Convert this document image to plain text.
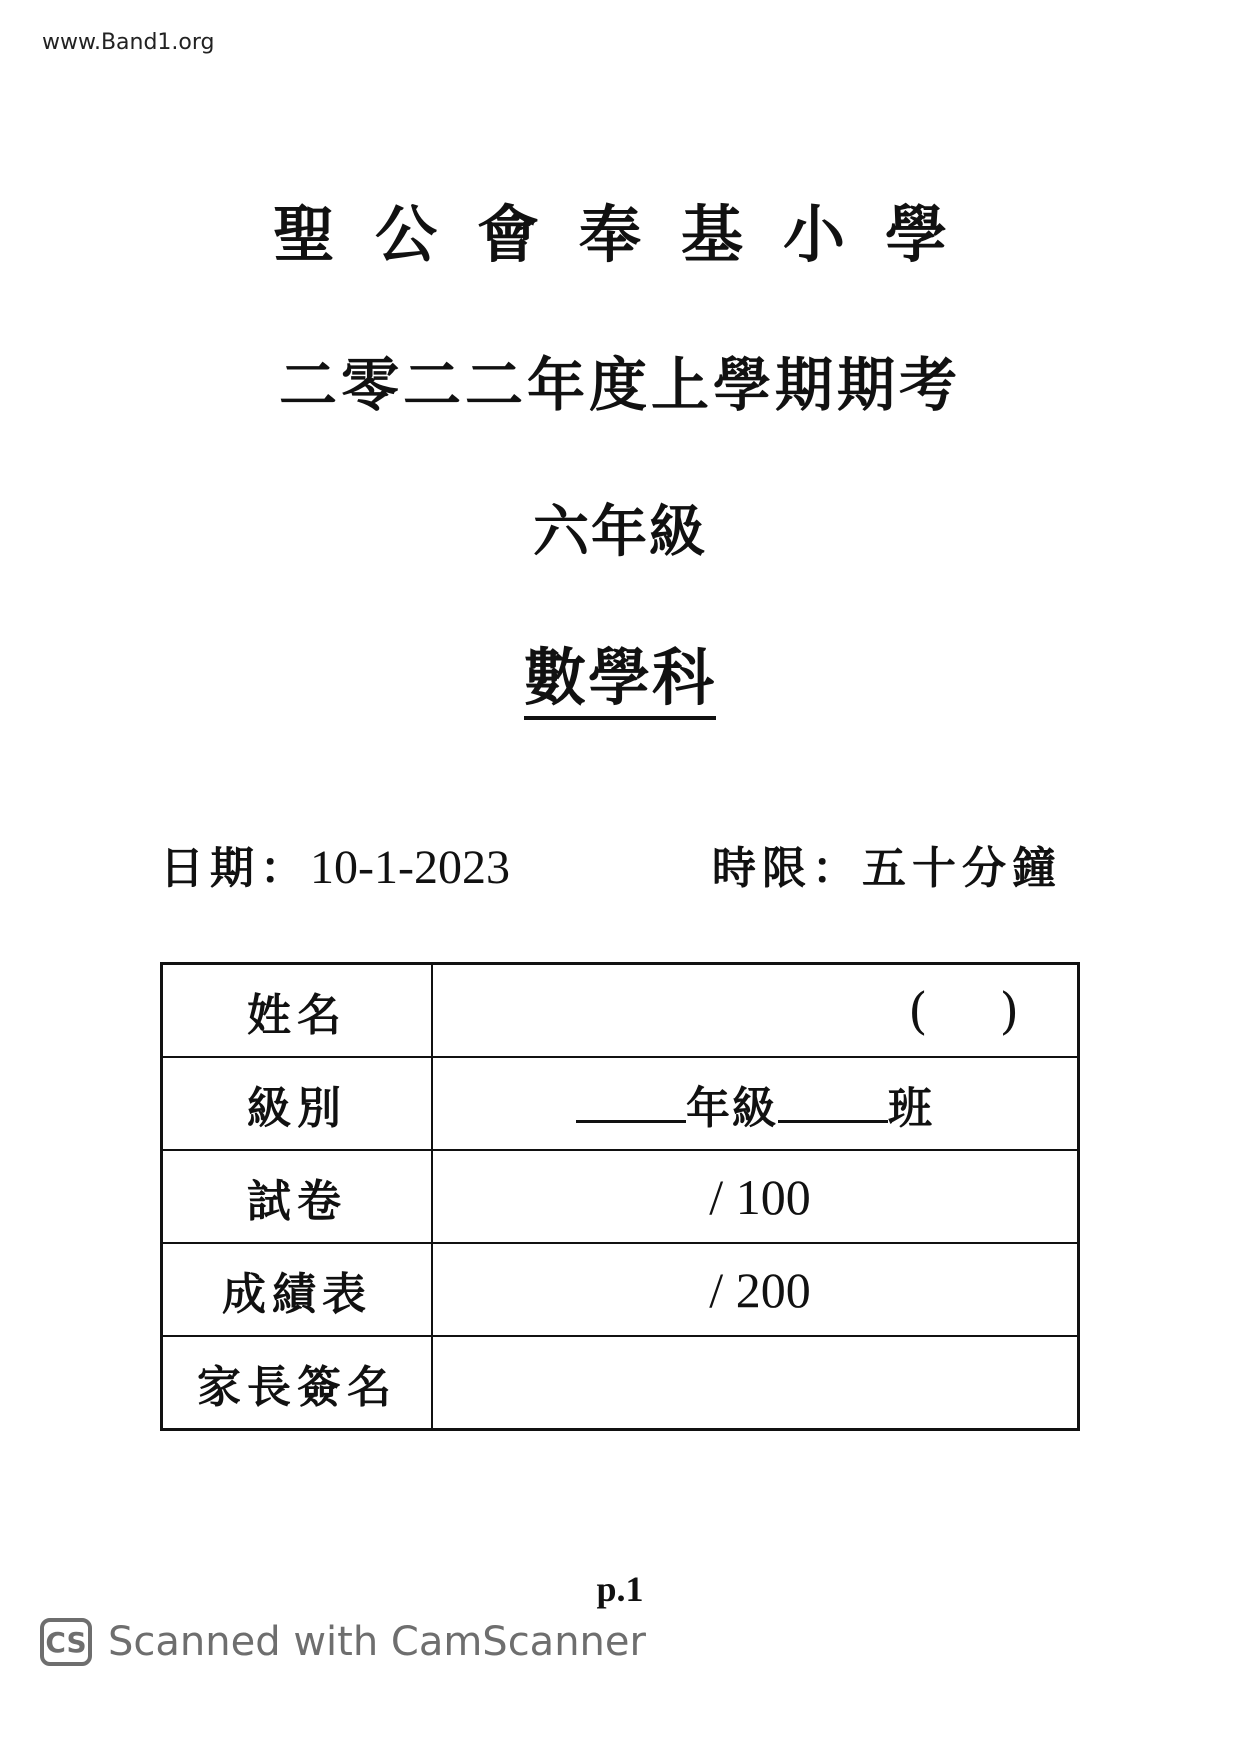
www.Band1.org
聖公會奉基小學
二零二二年度上學期期考
六年級
數學科
日期：10-1-2023	時限：五十分鐘
姓名	( )

級別	年級 班
試卷	/ 100
成績表	/ 200
家長簽名	
p.1
CS Scanned with CamScanner
